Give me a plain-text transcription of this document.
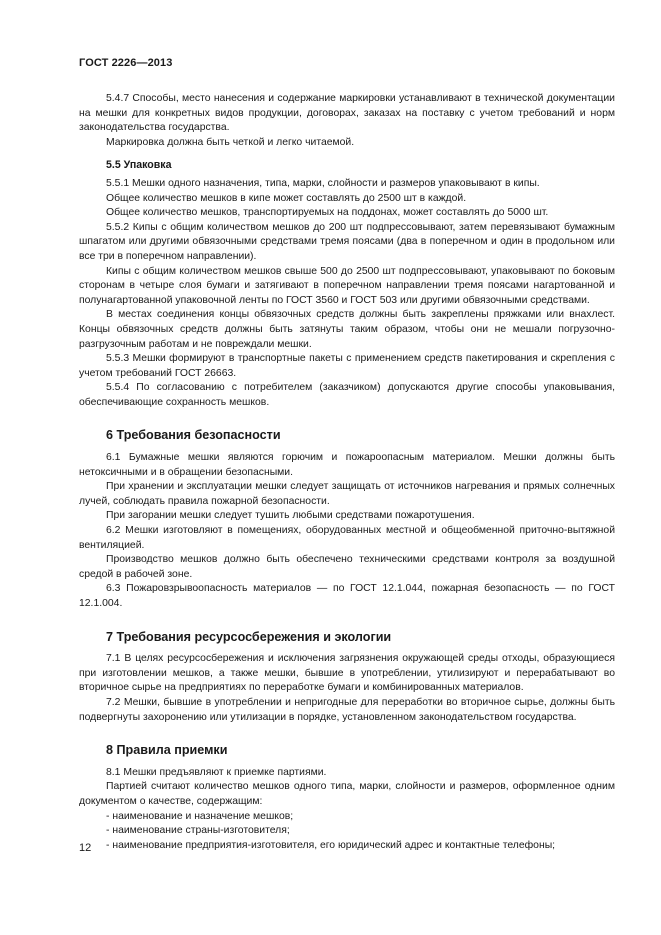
ГОСТ 2226—2013

5.4.7 Способы, место нанесения и содержание маркировки устанавливают в технической документации на мешки для конкретных видов продукции, договорах, заказах на поставку с учетом требований и норм законодательства государства.

Маркировка должна быть четкой и легко читаемой.

5.5 Упаковка

5.5.1 Мешки одного назначения, типа, марки, слойности и размеров упаковывают в кипы.

Общее количество мешков в кипе может составлять до 2500 шт в каждой.

Общее количество мешков, транспортируемых на поддонах, может составлять до 5000 шт.

5.5.2 Кипы с общим количеством мешков до 200 шт подпрессовывают, затем перевязывают бумажным шпагатом или другими обвязочными средствами тремя поясами (два в поперечном и один в продольном или все три в поперечном направлении).

Кипы с общим количеством мешков свыше 500 до 2500 шт подпрессовывают, упаковывают по боковым сторонам в четыре слоя бумаги и затягивают в поперечном направлении тремя поясами нагартованной и полунагартованной упаковочной ленты по ГОСТ 3560 и ГОСТ 503 или другими обвязочными средствами.

В местах соединения концы обвязочных средств должны быть закреплены пряжками или внахлест. Концы обвязочных средств должны быть затянуты таким образом, чтобы они не мешали погрузочно-разгрузочным работам и не повреждали мешки.

5.5.3 Мешки формируют в транспортные пакеты с применением средств пакетирования и скрепления с учетом требований ГОСТ 26663.

5.5.4 По согласованию с потребителем (заказчиком) допускаются другие способы упаковывания, обеспечивающие сохранность мешков.

6 Требования безопасности

6.1 Бумажные мешки являются горючим и пожароопасным материалом. Мешки должны быть нетоксичными и в обращении безопасными.

При хранении и эксплуатации мешки следует защищать от источников нагревания и прямых солнечных лучей, соблюдать правила пожарной безопасности.

При загорании мешки следует тушить любыми средствами пожаротушения.

6.2 Мешки изготовляют в помещениях, оборудованных местной и общеобменной приточно-вытяжной вентиляцией.

Производство мешков должно быть обеспечено техническими средствами контроля за воздушной средой в рабочей зоне.

6.3 Пожаровзрывоопасность материалов — по ГОСТ 12.1.044, пожарная безопасность — по ГОСТ 12.1.004.

7 Требования ресурсосбережения и экологии

7.1 В целях ресурсосбережения и исключения загрязнения окружающей среды отходы, образующиеся при изготовлении мешков, а также мешки, бывшие в употреблении, утилизируют и перерабатывают во вторичное сырье на предприятиях по переработке бумаги и комбинированных материалов.

7.2 Мешки, бывшие в употреблении и непригодные для переработки во вторичное сырье, должны быть подвергнуты захоронению или утилизации в порядке, установленном законодательством государства.

8 Правила приемки

8.1 Мешки предъявляют к приемке партиями.

Партией считают количество мешков одного типа, марки, слойности и размеров, оформленное одним документом о качестве, содержащим:

- наименование и назначение мешков;

- наименование страны-изготовителя;

- наименование предприятия-изготовителя, его юридический адрес и контактные телефоны;

12
